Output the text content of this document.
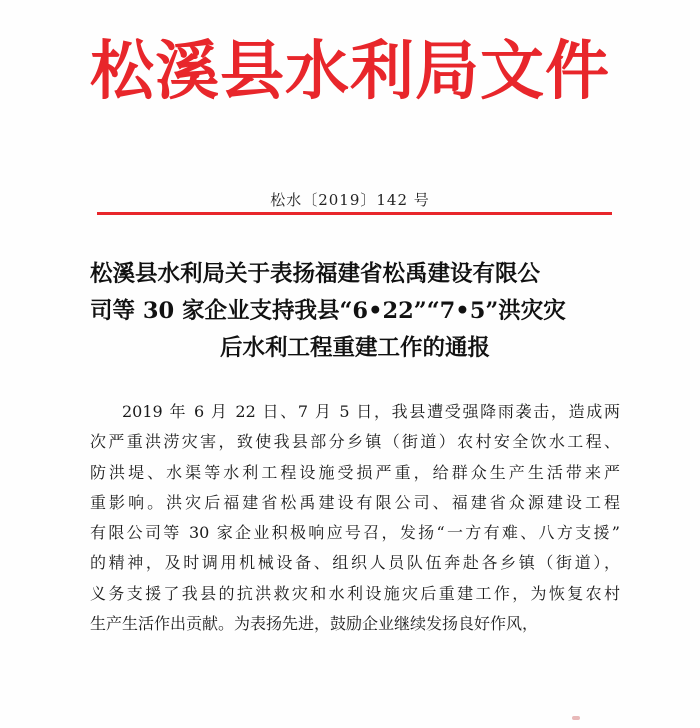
松溪县水利局文件
松水〔2019〕142 号
松溪县水利局关于表扬福建省松禹建设有限公
司等 30 家企业支持我县“6•22”“7•5”洪灾灾
后水利工程重建工作的通报
2019 年 6 月 22 日、7 月 5 日，我县遭受强降雨袭击，造成两
次严重洪涝灾害，致使我县部分乡镇（街道）农村安全饮水工程、
防洪堤、水渠等水利工程设施受损严重，给群众生产生活带来严
重影响。洪灾后福建省松禹建设有限公司、福建省众源建设工程
有限公司等 30 家企业积极响应号召，发扬“一方有难、八方支援”
的精神，及时调用机械设备、组织人员队伍奔赴各乡镇（街道），
义务支援了我县的抗洪救灾和水利设施灾后重建工作，为恢复农村
生产生活作出贡献。为表扬先进，鼓励企业继续发扬良好作风，
